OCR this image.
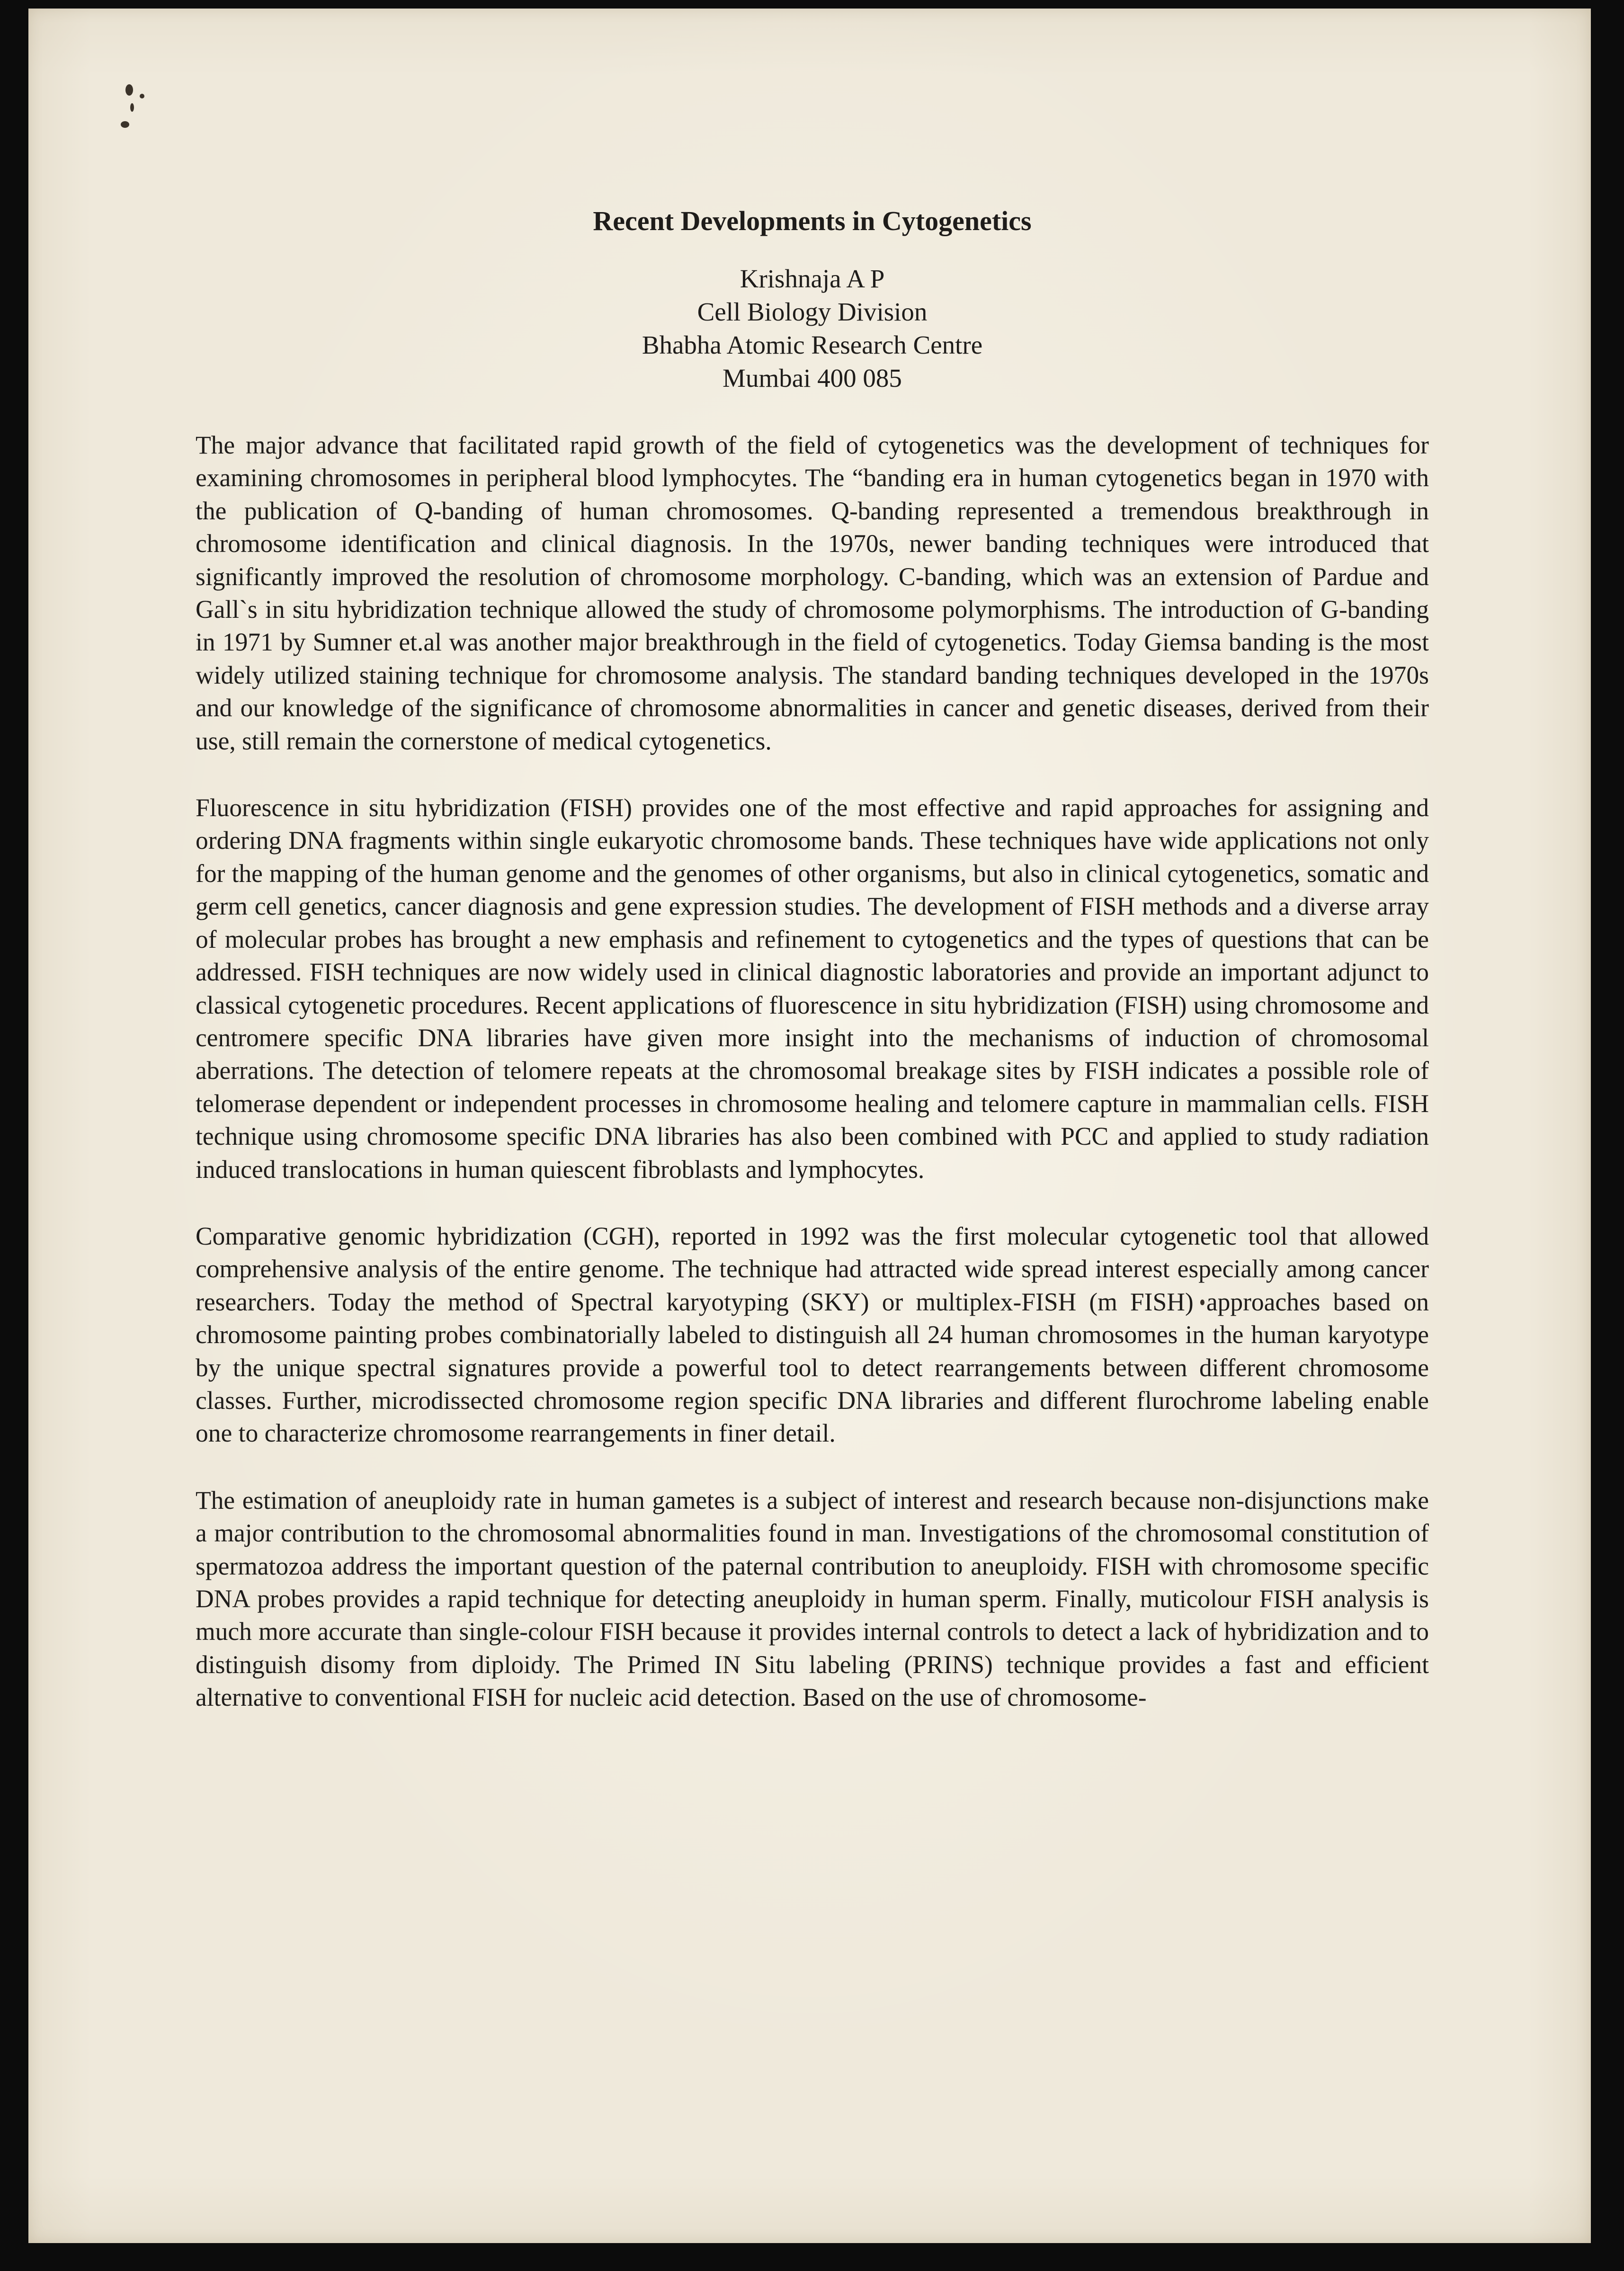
Recent Developments in Cytogenetics
Krishnaja A P
Cell Biology Division
Bhabha Atomic Research Centre
Mumbai 400 085

The major advance that facilitated rapid growth of the field of cytogenetics was the development of techniques for examining chromosomes in peripheral blood lymphocytes. The “banding era in human cytogenetics began in 1970 with the publication of Q-banding of human chromosomes. Q-banding represented a tremendous breakthrough in chromosome identification and clinical diagnosis. In the 1970s, newer banding techniques were introduced that significantly improved the resolution of chromosome morphology. C-banding, which was an extension of Pardue and Gall`s in situ hybridization technique allowed the study of chromosome polymorphisms. The introduction of G-banding in 1971 by Sumner et.al was another major breakthrough in the field of cytogenetics. Today Giemsa banding is the most widely utilized staining technique for chromosome analysis. The standard banding techniques developed in the 1970s and our knowledge of the significance of chromosome abnormalities in cancer and genetic diseases, derived from their use, still remain the cornerstone of medical cytogenetics.

Fluorescence in situ hybridization (FISH) provides one of the most effective and rapid approaches for assigning and ordering DNA fragments within single eukaryotic chromosome bands. These techniques have wide applications not only for the mapping of the human genome and the genomes of other organisms, but also in clinical cytogenetics, somatic and germ cell genetics, cancer diagnosis and gene expression studies. The development of FISH methods and a diverse array of molecular probes has brought a new emphasis and refinement to cytogenetics and the types of questions that can be addressed. FISH techniques are now widely used in clinical diagnostic laboratories and provide an important adjunct to classical cytogenetic procedures. Recent applications of fluorescence in situ hybridization (FISH) using chromosome and centromere specific DNA libraries have given more insight into the mechanisms of induction of chromosomal aberrations. The detection of telomere repeats at the chromosomal breakage sites by FISH indicates a possible role of telomerase dependent or independent processes in chromosome healing and telomere capture in mammalian cells. FISH technique using chromosome specific DNA libraries has also been combined with PCC and applied to study radiation induced translocations in human quiescent fibroblasts and lymphocytes.

Comparative genomic hybridization (CGH), reported in 1992 was the first molecular cytogenetic tool that allowed comprehensive analysis of the entire genome. The technique had attracted wide spread interest especially among cancer researchers. Today the method of Spectral karyotyping (SKY) or multiplex-FISH (m FISH) approaches based on chromosome painting probes combinatorially labeled to distinguish all 24 human chromosomes in the human karyotype by the unique spectral signatures provide a powerful tool to detect rearrangements between different chromosome classes. Further, microdissected chromosome region specific DNA libraries and different flurochrome labeling enable one to characterize chromosome rearrangements in finer detail.

The estimation of aneuploidy rate in human gametes is a subject of interest and research because non-disjunctions make a major contribution to the chromosomal abnormalities found in man. Investigations of the chromosomal constitution of spermatozoa address the important question of the paternal contribution to aneuploidy. FISH with chromosome specific DNA probes provides a rapid technique for detecting aneuploidy in human sperm. Finally, muticolour FISH analysis is much more accurate than single-colour FISH because it provides internal controls to detect a lack of hybridization and to distinguish disomy from diploidy. The Primed IN Situ labeling (PRINS) technique provides a fast and efficient alternative to conventional FISH for nucleic acid detection. Based on the use of chromosome-
